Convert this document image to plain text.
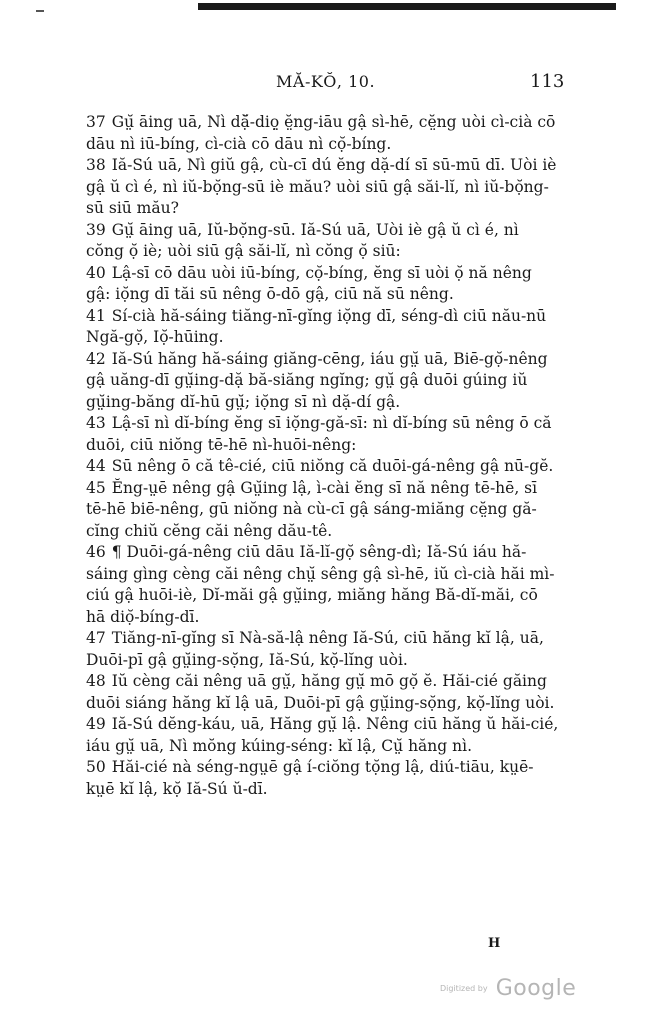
MĂ-KŎ, 10.	113
37 Gṳ̆ āing uā, Nì dặ̆-diọ̤ ĕ̤ng-iāu gậ sì-hē, cĕ̤ng uòi cì-cià cō dāu nì iū-bíng, cì-cià cō dāu nì cọ̆-bíng.
38 Iă-Sú uā, Nì giŭ gậ, cù-cī dú ĕng dặ-dí sī sū-mū dī. Uòi iè gậ ŭ cì é, nì iŭ-bọ̆ng-sū iè mău? uòi siū gậ săi-lĭ, nì iŭ-bọ̆ng-sū siū mău?
39 Gṳ̆ āing uā, Iŭ-bọ̆ng-sū. Iă-Sú uā, Uòi iè gậ ŭ cì é, nì cŏng ọ̆ iè; uòi siū gậ săi-lĭ, nì cŏng ọ̆ siū:
40 Lậ-sī cō dāu uòi iū-bíng, cọ̆-bíng, ĕng sī uòi ọ̆ nă nêng gậ: iọ̆ng dī tăi sū nêng ō-dō gậ, ciū nă sū nêng.
41 Sí-cià hă-sáing tiăng-nī-gĭng iọ̆ng dī, séng-dì ciū nău-nū Ngă-gọ̆, Iọ̆-hūing.
42 Iă-Sú hăng hă-sáing giăng-cēng, iáu gṳ̆ uā, Biē-gọ̆-nêng gậ uăng-dī gṳ̆ing-dặ bă-siăng ngĭng; gṳ̆ gậ duōi gúing iŭ gṳ̆ing-băng dĭ-hū gṳ̆; iọ̆ng sī nì dặ-dí gậ.
43 Lậ-sī nì dĭ-bíng ĕng sī iọ̆ng-gă-sī: nì dĭ-bíng sū nêng ō că duōi, ciū niŏng tē-hē nì-huōi-nêng:
44 Sū nêng ō că tê-cié, ciū niŏng că duōi-gá-nêng gậ nū-gĕ.
45 Ĕng-ṳē nêng gậ Gṳ̆ing lậ, ì-cài ĕng sī nă nêng tē-hē, sī tē-hē biē-nêng, gū niŏng nà cù-cī gậ sáng-miăng cĕ̤ng gă-cĭng chiŭ cĕng căi nêng dău-tê.
46 ¶ Duōi-gá-nêng ciū dāu Iă-lĭ-gọ̆ sêng-dì; Iă-Sú iáu hă-sáing gìng cèng căi nêng chṳ̆ sêng gậ sì-hē, iŭ cì-cià hăi mì-ciú gậ huōi-iè, Dĭ-măi gậ gṳ̆ing, miăng hăng Bă-dĭ-măi, cō hā diọ̆-bíng-dī.
47 Tiăng-nī-gĭng sī Nà-să-lậ nêng Iă-Sú, ciū hăng kĭ lậ, uā, Duōi-pī gậ gṳ̆ing-sọ̆ng, Iă-Sú, kọ̆-lĭng uòi.
48 Iŭ cèng căi nêng uā gṳ̆, hăng gṳ̆ mō gọ̆ ĕ. Hăi-cié găing duōi siáng hăng kĭ lậ uā, Duōi-pī gậ gṳ̆ing-sọ̆ng, kọ̆-lĭng uòi.
49 Iă-Sú dĕng-káu, uā, Hăng gṳ̆ lậ. Nêng ciū hăng ŭ hăi-cié, iáu gṳ̆ uā, Nì mŏng kúing-séng: kĭ lậ, Cṳ̆ hăng nì.
50 Hăi-cié nà séng-ngṳē gậ í-ciŏng tọ̆ng lậ, diú-tiāu, kṳē-kṳē kĭ lậ, kọ̆ Iă-Sú ŭ-dī.
H
Digitized by Google
